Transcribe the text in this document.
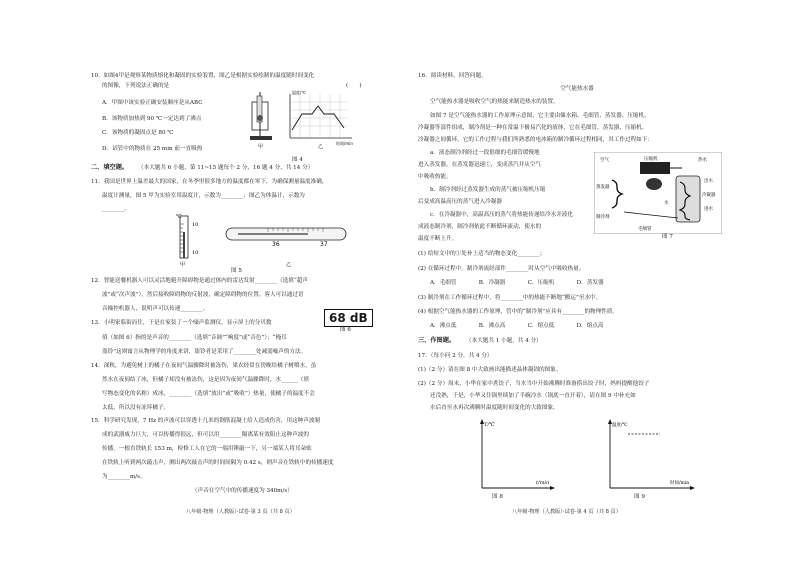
10．如图4甲是观察某物质熔化和凝固的实验装置，图乙是根据实验绘制的温度随时间变化
的图像，下列说法正确的是	(　　)
A．甲图中该实验正确安装顺序是从ABC
B．该物质加热到 90 ℃一定达到了沸点
C．该物质的凝固点是 80 ℃
D．试管中的物质在 25 min 前一直吸热
温度/℃
时间/min
甲	乙
图 4
二、填空题。 （本大题共 6 小题，第 11~15 题每个 2 分，16 题 4 分，共 14 分）
11．我国是世界上温差最大的国家，在冬季里很多地方的温度都在零下，为确保测量温度准确，
温度计测量，图 5 甲为实验室用温度计，示数为________；图乙为体温计，示数为
________。
℃
10
10
36	37
甲	乙
图 5
12．智能送餐机器人可以灵活地避开障碍物是通过体内的雷达发射________（选填“超声
波”或“次声波”），然后接收障碍物的反射波，确定障碍物的位置。客人可以通过语
音操控机器人，说明声可以传递________。
13．小明家临街而住，于是在家装了一个噪声监测仪，显示屏上的分贝数	68 dB
图 6
值（如图 6）指的是声音的________（选填“音调”“响度”或“音色”）；“掩耳
盗铃”这则寓言从物理学的角度来讲，盗铃者是采用了________处减弱噪声的方法。
14．深秋，为避免树上的橘子在夜间气温骤降时被冻伤，果农经常在傍晚给橘子树喷水，虽
然水在夜间结了冰，但橘子却没有被冻伤，这是因为夜间气温骤降时，水______（填
写物态变化的名称）成冰，________（选填“放出”或“吸收”）热量，使橘子的温度不会
太低，所以没有冻坏橘子。
15．科学研究发现，7 Hz 的声波可以穿透十几米的钢筋混凝土给人造成伤害，用这种声波制
成的武器威力巨大，可以传播得很远，但可以用________隔离某有效阻止这种声波的
传播。一根直铁轨长 153 m，检修工人在它的一端用锤敲一下，另一端某人将耳朵贴
在铁轨上听到两次敲击声，测出两次敲击声的时间间隔为 0.42 s，则声音在铁轨中的传播速度
为________m/s。
（声音在空气中的传播速度为 340m/s）
八年级·物理（人教版）·试卷·第 3 页（共 8 页）
16．阅读材料，回答问题。
空气能热水器
空气能热水器是吸收空气的热能来制造热水的装置。
如图 7 是空气能热水器的工作原理示意图，它主要由储水箱、毛细管、蒸发器、压缩机、
冷凝器等部件组成，制冷剂是一种在常温下极易汽化的液体，它在毛细管、蒸发器、压缩机、
冷凝器之间循环，它的工作过程与我们所熟悉的电冰箱的制冷循环过程相同，其工作过程如下：
a．液态制冷剂经过一段很细的毛细管缓慢地
进入蒸发器，在蒸发器迅速①，变成蒸汽并从空气
中吸收热能。
b．制冷剂经过蒸发器生成的蒸气被压缩机压缩
后变成高温高压的蒸气进入冷凝器
c．在冷凝器中，高温高压的蒸气将热能传递给冷水并液化
成液态制冷剂，制冷剂依此不断循环流动，使水的
温度不断上升。
空气	压缩机	热水
出水
蒸发器
冷凝器
进水
制冷剂
水
毛细管
图 7
(1) 给短文中的①处补上适当的物态变化________；
(2) 在循环过程中，制冷剂流经部件________时从空气中吸收热量。
A．毛细管　　　　B．冷凝器　　　　C．压缩机　　　　D．蒸发器
(3) 制冷剂在工作循环过程中，将________中的热能不断地“搬运”至水中。
(4) 根据空气能热水器的工作原理，管中的“制冷剂”应具有________的物理性质。
A．沸点低　　　　B．沸点高　　　　C．熔点低　　　　D．熔点高
三、作图题。 （本大题共 1 小题，共 4 分）
17．（每小问 2 分，共 4 分）
(1)（2 分）请在图 8 中大致画出能描述晶体凝固的图象。
(2)（2 分）周末，小华在家中煮饺子，当水当中开始沸腾时准备捞出饺子时，妈妈提醒他饺子
还没熟，于是，小华又往锅里续加了半碗冷水（锅底一直开着），请在图 9 中补充如
水后直至水再次沸腾时温度随时间变化的大致图象。
T/℃
t/min
图 8
温度/℃
时间/min
图 9
八年级·物理（人教版）·试卷·第 4 页（共 8 页）
